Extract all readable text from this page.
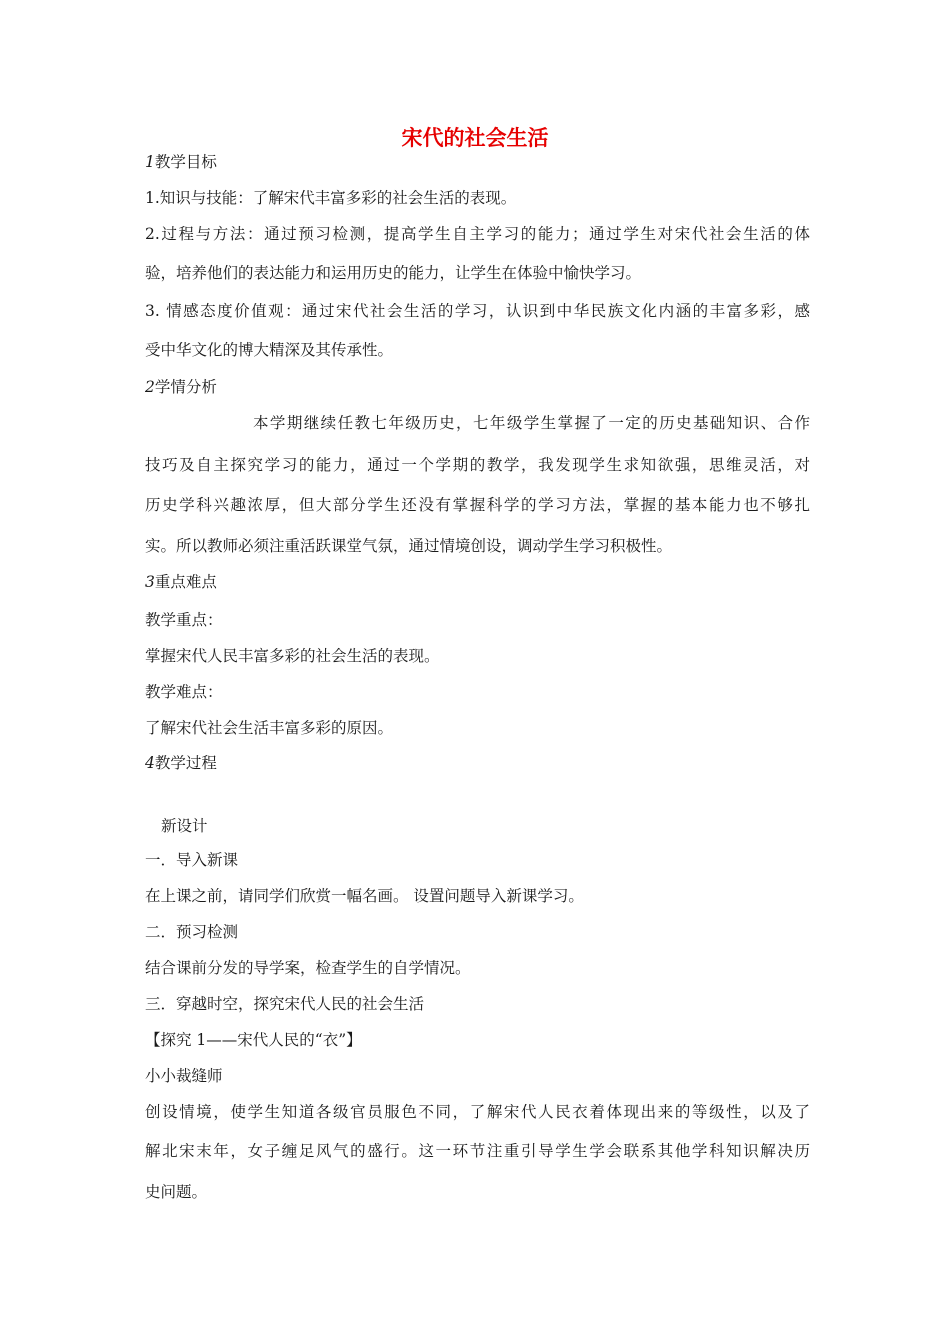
宋代的社会生活

1教学目标

1.知识与技能：了解宋代丰富多彩的社会生活的表现。

2.过程与方法：通过预习检测，提高学生自主学习的能力；通过学生对宋代社会生活的体

验，培养他们的表达能力和运用历史的能力，让学生在体验中愉快学习。

3. 情感态度价值观：通过宋代社会生活的学习，认识到中华民族文化内涵的丰富多彩，感

受中华文化的博大精深及其传承性。

2学情分析

本学期继续任教七年级历史，七年级学生掌握了一定的历史基础知识、合作

技巧及自主探究学习的能力，通过一个学期的教学，我发现学生求知欲强，思维灵活，对

历史学科兴趣浓厚，但大部分学生还没有掌握科学的学习方法，掌握的基本能力也不够扎

实。所以教师必须注重活跃课堂气氛，通过情境创设，调动学生学习积极性。

3重点难点

教学重点：

掌握宋代人民丰富多彩的社会生活的表现。

教学难点：

了解宋代社会生活丰富多彩的原因。

4教学过程

新设计

一．导入新课

在上课之前，请同学们欣赏一幅名画。 设置问题导入新课学习。

二．预习检测

结合课前分发的导学案，检查学生的自学情况。

三．穿越时空，探究宋代人民的社会生活

【探究 1——宋代人民的“衣”】

小小裁缝师

创设情境，使学生知道各级官员服色不同，了解宋代人民衣着体现出来的等级性，以及了

解北宋末年，女子缠足风气的盛行。这一环节注重引导学生学会联系其他学科知识解决历

史问题。
